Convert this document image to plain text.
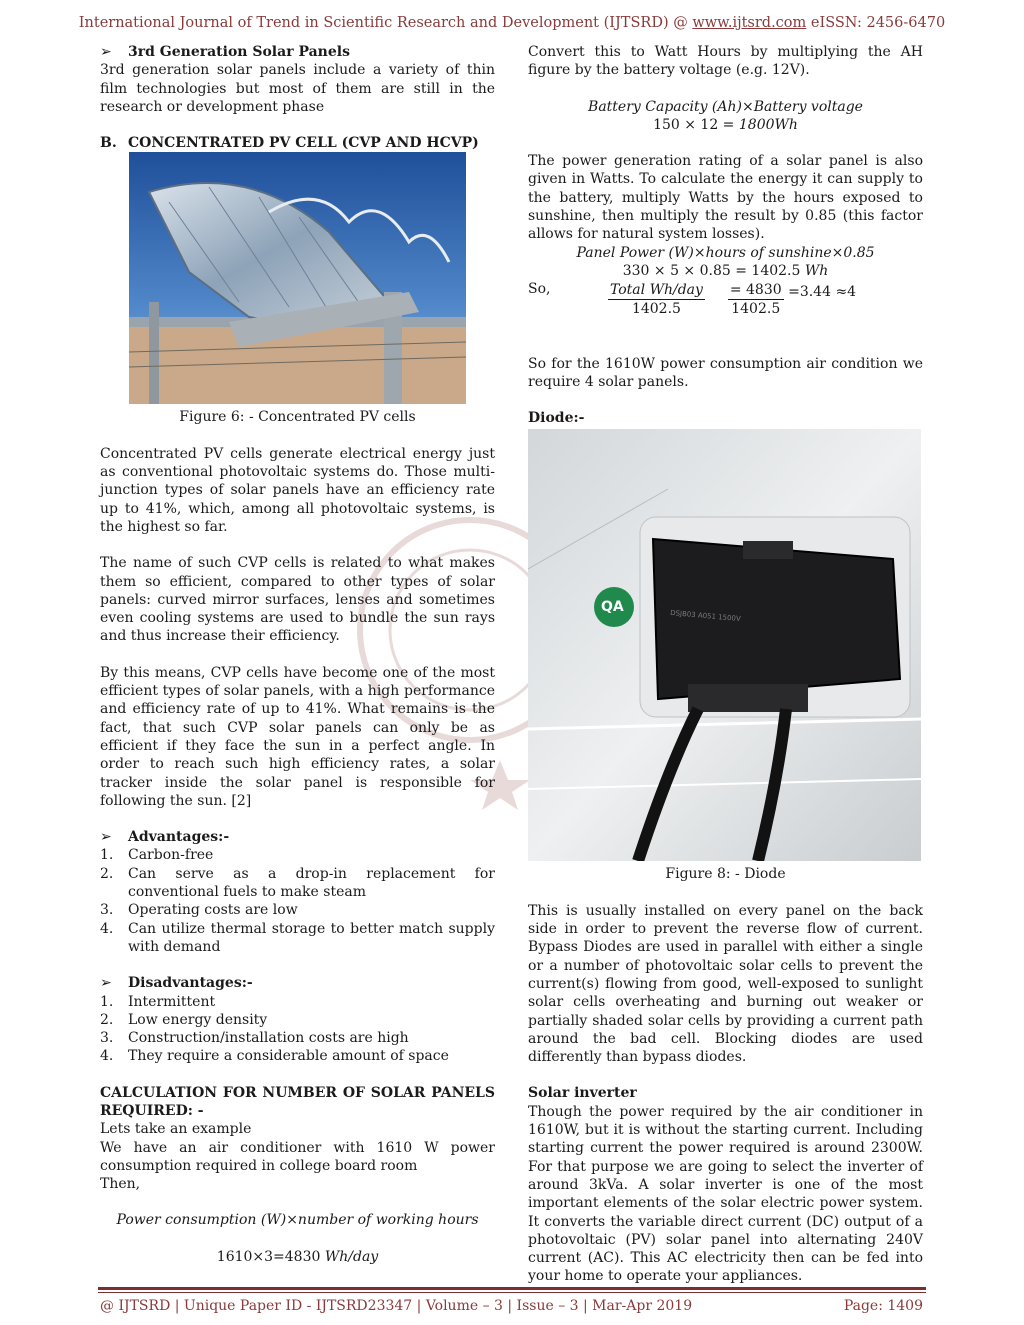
International Journal of Trend in Scientific Research and Development (IJTSRD) @ www.ijtsrd.com eISSN: 2456-6470
➢ 3rd Generation Solar Panels

3rd generation solar panels include a variety of thin film technologies but most of them are still in the research or development phase

B. CONCENTRATED PV CELL (CVP AND HCVP)

Figure 6: - Concentrated PV cells

Concentrated PV cells generate electrical energy just as conventional photovoltaic systems do. Those multi-junction types of solar panels have an efficiency rate up to 41%, which, among all photovoltaic systems, is the highest so far.

The name of such CVP cells is related to what makes them so efficient, compared to other types of solar panels: curved mirror surfaces, lenses and sometimes even cooling systems are used to bundle the sun rays and thus increase their efficiency.

By this means, CVP cells have become one of the most efficient types of solar panels, with a high performance and efficiency rate of up to 41%. What remains is the fact, that such CVP solar panels can only be as efficient if they face the sun in a perfect angle. In order to reach such high efficiency rates, a solar tracker inside the solar panel is responsible for following the sun. [2]

➢ Advantages:-
1. Carbon-free
2. Can serve as a drop-in replacement for conventional fuels to make steam
3. Operating costs are low
4. Can utilize thermal storage to better match supply with demand
➢ Disadvantages:-
1. Intermittent
2. Low energy density
3. Construction/installation costs are high
4. They require a considerable amount of space

CALCULATION FOR NUMBER OF SOLAR PANELS REQUIRED: -

Lets take an example

We have an air conditioner with 1610 W power consumption required in college board room

Then,

Power consumption (W)×number of working hours

1610×3=4830 Wh/day

Convert this to Watt Hours by multiplying the AH figure by the battery voltage (e.g. 12V).

Battery Capacity (Ah)×Battery voltage

150 × 12 = 1800Wh

The power generation rating of a solar panel is also given in Watts. To calculate the energy it can supply to the battery, multiply Watts by the hours exposed to sunshine, then multiply the result by 0.85 (this factor allows for natural system losses).

Panel Power (W)×hours of sunshine×0.85

330 × 5 × 0.85 = 1402.5 Wh

So,	$\frac{\text{Total Wh/day}}{1402.5}$
$\frac{= 4830}{1402.5} =3.44 \approx 4$

So for the 1610W power consumption air condition we require 4 solar panels.

Diode:-

QA
DSJB03 A051 1500V

Figure 8: - Diode

This is usually installed on every panel on the back side in order to prevent the reverse flow of current. Bypass Diodes are used in parallel with either a single or a number of photovoltaic solar cells to prevent the current(s) flowing from good, well-exposed to sunlight solar cells overheating and burning out weaker or partially shaded solar cells by providing a current path around the bad cell. Blocking diodes are used differently than bypass diodes.

Solar inverter

Though the power required by the air conditioner in 1610W, but it is without the starting current. Including starting current the power required is around 2300W. For that purpose we are going to select the inverter of around 3kVa. A solar inverter is one of the most important elements of the solar electric power system. It converts the variable direct current (DC) output of a photovoltaic (PV) solar panel into alternating 240V current (AC). This AC electricity then can be fed into your home to operate your appliances.

@ IJTSRD | Unique Paper ID - IJTSRD23347 | Volume – 3 | Issue – 3 | Mar-Apr 2019	Page: 1409
